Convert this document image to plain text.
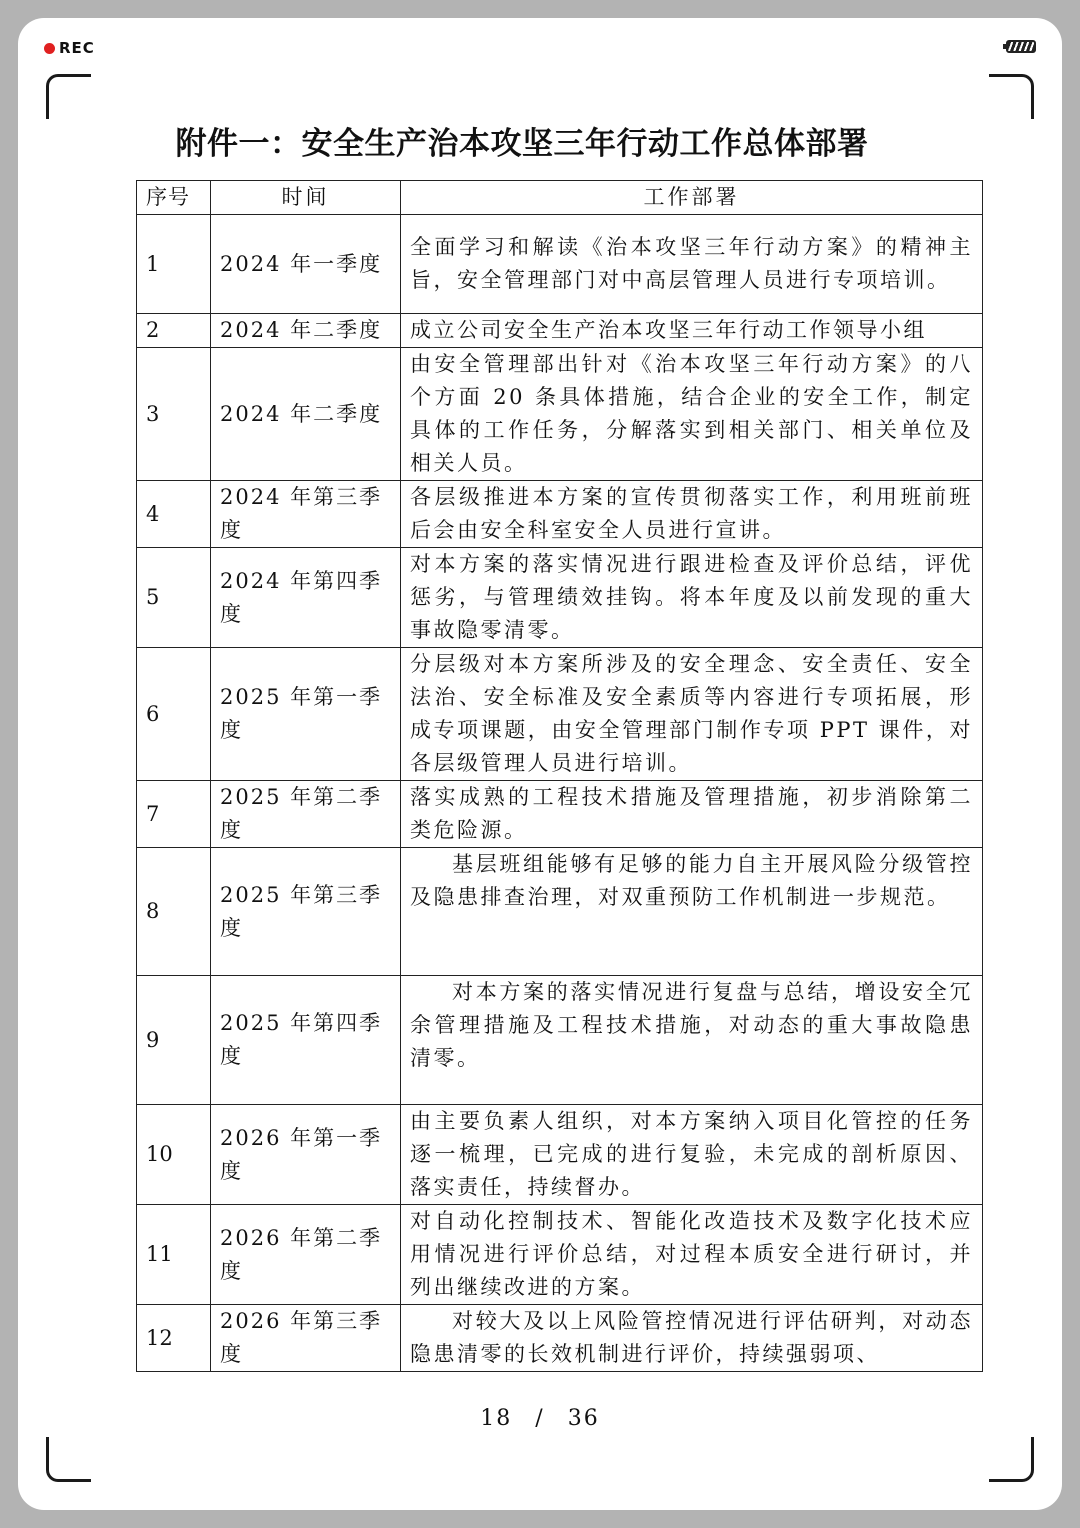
REC
18 / 36
附件一：安全生产治本攻坚三年行动工作总体部署
序号	时间	工作部署
1	2024 年一季度	全面学习和解读《治本攻坚三年行动方案》的精神主旨，安全管理部门对中高层管理人员进行专项培训。
2	2024 年二季度	成立公司安全生产治本攻坚三年行动工作领导小组
3	2024 年二季度	由安全管理部出针对《治本攻坚三年行动方案》的八个方面 20 条具体措施，结合企业的安全工作，制定具体的工作任务，分解落实到相关部门、相关单位及相关人员。
4	2024 年第三季度	各层级推进本方案的宣传贯彻落实工作，利用班前班后会由安全科室安全人员进行宣讲。
5	2024 年第四季度	对本方案的落实情况进行跟进检查及评价总结，评优惩劣，与管理绩效挂钩。将本年度及以前发现的重大事故隐零清零。
6	2025 年第一季度	分层级对本方案所涉及的安全理念、安全责任、安全法治、安全标准及安全素质等内容进行专项拓展，形成专项课题，由安全管理部门制作专项 PPT 课件，对各层级管理人员进行培训。
7	2025 年第二季度	落实成熟的工程技术措施及管理措施，初步消除第二类危险源。
8	2025 年第三季度	基层班组能够有足够的能力自主开展风险分级管控及隐患排查治理，对双重预防工作机制进一步规范。
9	2025 年第四季度	对本方案的落实情况进行复盘与总结，增设安全冗余管理措施及工程技术措施，对动态的重大事故隐患清零。
10	2026 年第一季度	由主要负素人组织，对本方案纳入项目化管控的任务逐一梳理，已完成的进行复验，未完成的剖析原因、落实责任，持续督办。
11	2026 年第二季度	对自动化控制技术、智能化改造技术及数字化技术应用情况进行评价总结，对过程本质安全进行研讨，并列出继续改进的方案。
12	2026 年第三季度	对较大及以上风险管控情况进行评估研判，对动态隐患清零的长效机制进行评价，持续强弱项、
